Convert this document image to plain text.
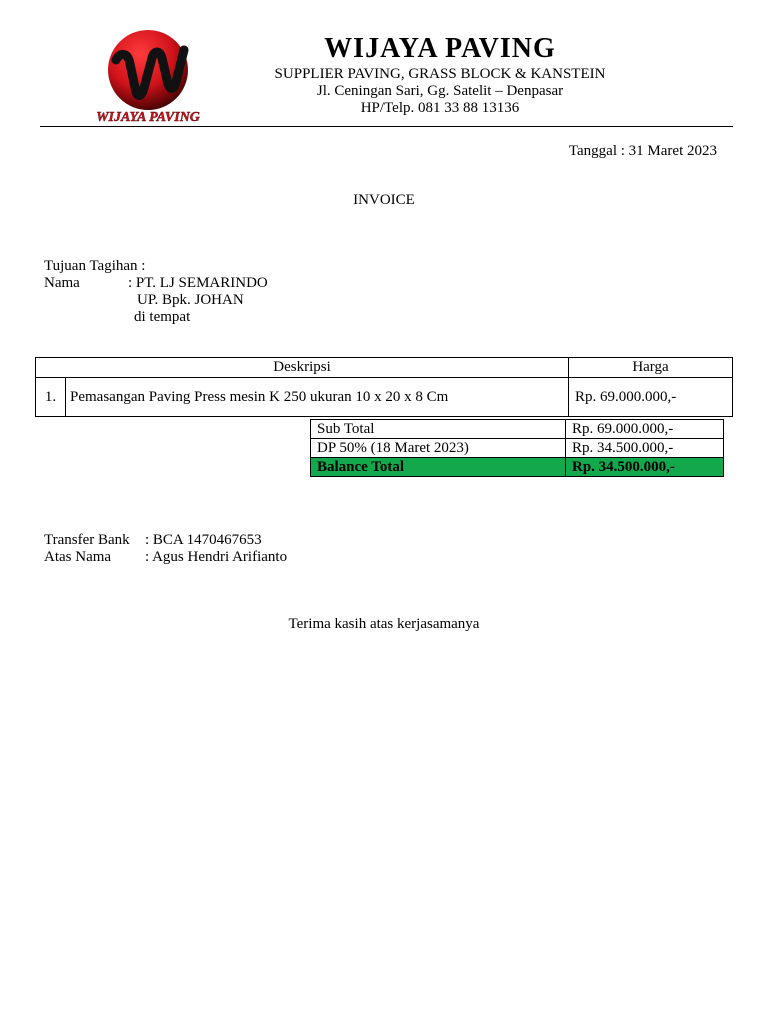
WIJAYA PAVING
WIJAYA PAVING
SUPPLIER PAVING, GRASS BLOCK & KANSTEIN
Jl. Ceningan Sari, Gg. Satelit – Denpasar
HP/Telp. 081 33 88 13136
Tanggal : 31 Maret 2023
INVOICE
Tujuan Tagihan :
Nama	: PT. LJ SEMARINDO
UP. Bpk. JOHAN
di tempat
Deskripsi		Harga
1.	Pemasangan Paving Press mesin K 250 ukuran 10 x 20 x 8 Cm	Rp. 69.000.000,-
Sub Total	Rp. 69.000.000,-
DP 50% (18 Maret 2023)	Rp. 34.500.000,-
Balance Total	Rp. 34.500.000,-
Transfer Bank : BCA 1470467653
Atas Nama : Agus Hendri Arifianto
Terima kasih atas kerjasamanya
